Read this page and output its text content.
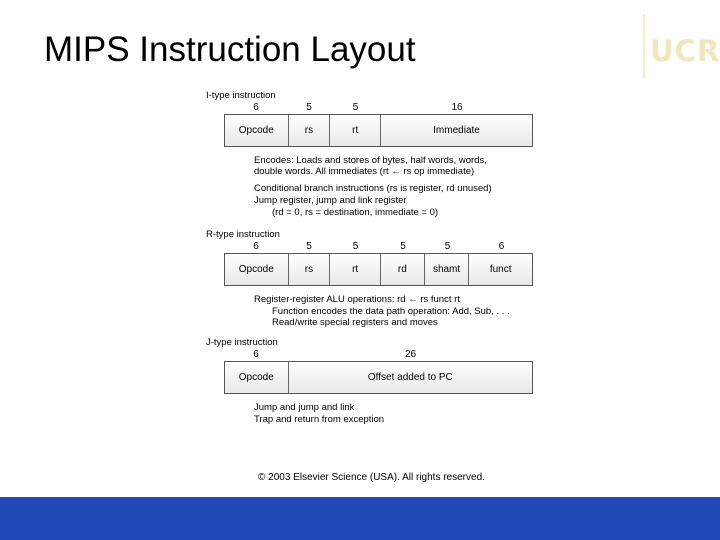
MIPS Instruction Layout	UCR
I-type instruction
6	5	5	16
Opcode	rs	rt	Immediate
Encodes: Loads and stores of bytes, half words, words,
double words. All immediates (rt ← rs op immediate)
Conditional branch instructions (rs is register, rd unused)
Jump register, jump and link register
(rd = 0, rs = destination, immediate = 0)
R-type instruction
6	5	5	5	5	6
Opcode	rs	rt	rd	shamt	funct
Register-register ALU operations: rd ← rs funct rt
Function encodes the data path operation: Add, Sub, . . .
Read/write special registers and moves
J-type instruction
6	26
Opcode	Offset added to PC
Jump and jump and link
Trap and return from exception
© 2003 Elsevier Science (USA). All rights reserved.
17
